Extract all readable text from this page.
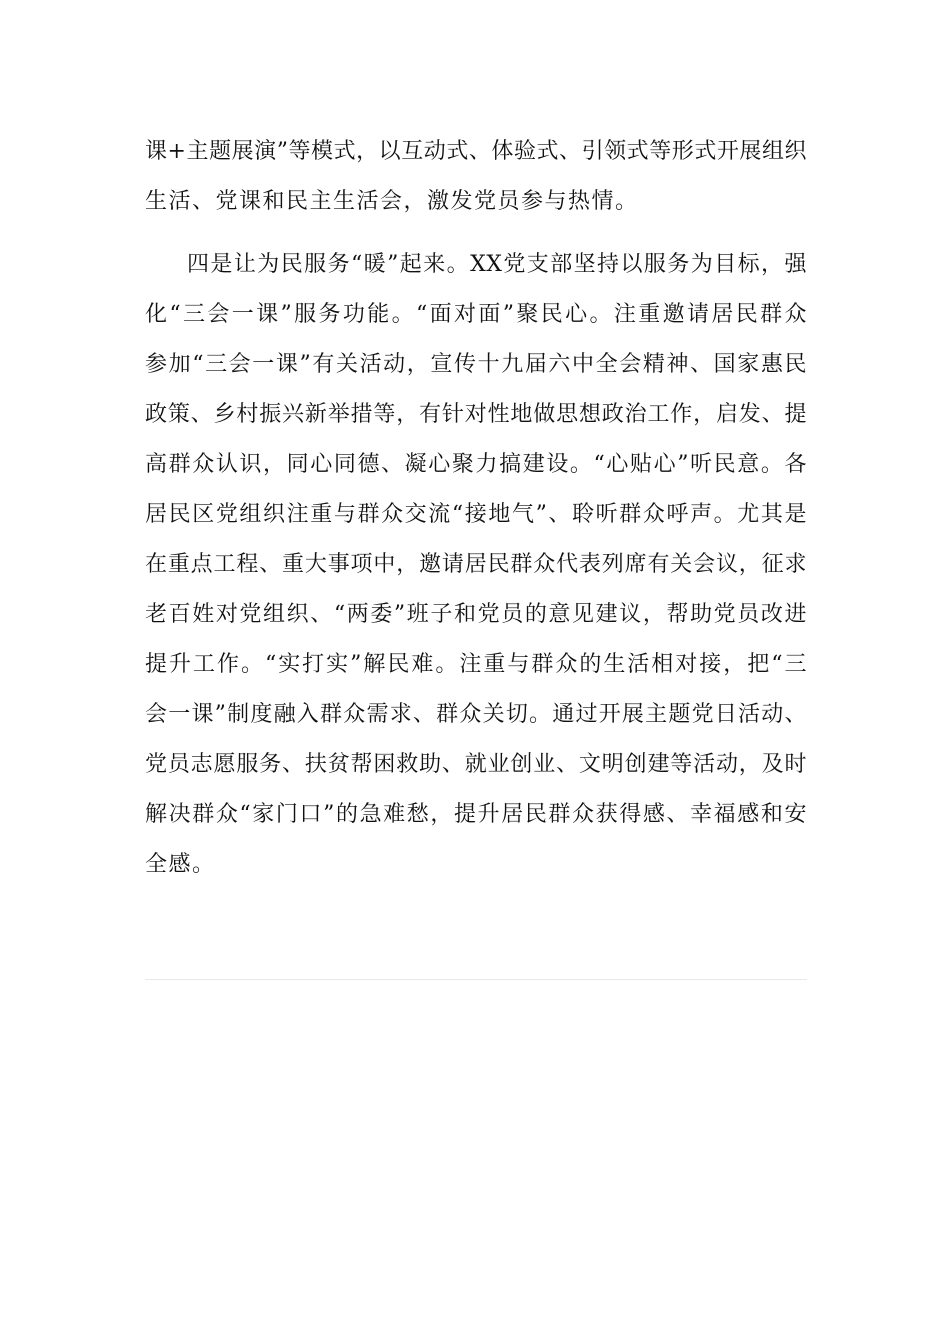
课+主题展演”等模式，以互动式、体验式、引领式等形式开展组织
生活、党课和民主生活会，激发党员参与热情。
四是让为民服务“暖”起来。XX党支部坚持以服务为目标，强
化“三会一课”服务功能。“面对面”聚民心。注重邀请居民群众
参加“三会一课”有关活动，宣传十九届六中全会精神、国家惠民
政策、乡村振兴新举措等，有针对性地做思想政治工作，启发、提
高群众认识，同心同德、凝心聚力搞建设。“心贴心”听民意。各
居民区党组织注重与群众交流“接地气”、聆听群众呼声。尤其是
在重点工程、重大事项中，邀请居民群众代表列席有关会议，征求
老百姓对党组织、“两委”班子和党员的意见建议，帮助党员改进
提升工作。“实打实”解民难。注重与群众的生活相对接，把“三
会一课”制度融入群众需求、群众关切。通过开展主题党日活动、
党员志愿服务、扶贫帮困救助、就业创业、文明创建等活动，及时
解决群众“家门口”的急难愁，提升居民群众获得感、幸福感和安
全感。
